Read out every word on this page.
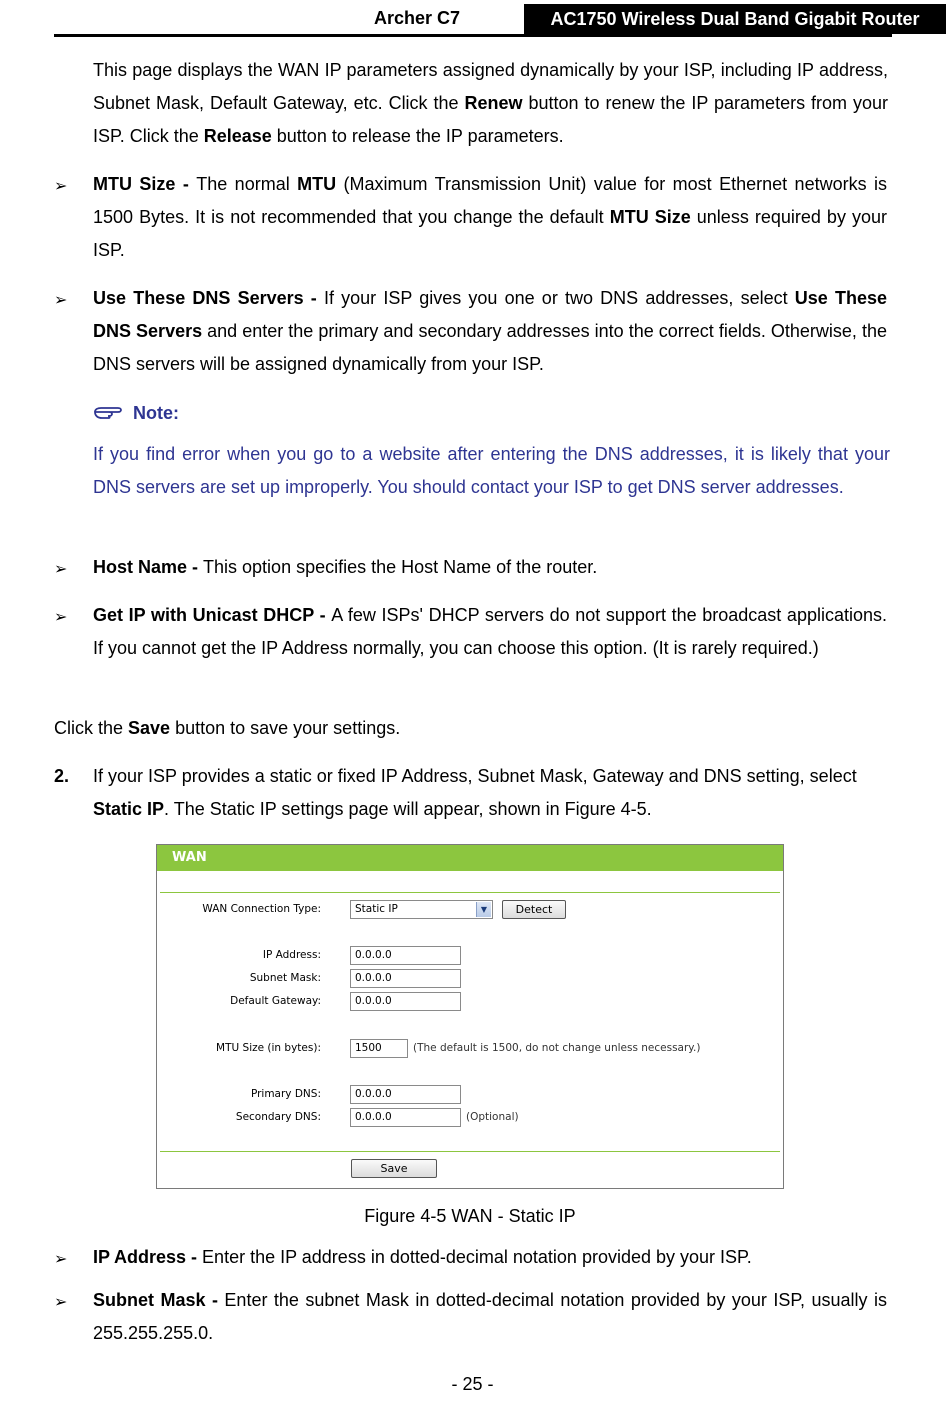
Archer C7	AC1750 Wireless Dual Band Gigabit Router
This page displays the WAN IP parameters assigned dynamically by your ISP, including IP address, Subnet Mask, Default Gateway, etc. Click the Renew button to renew the IP parameters from your ISP. Click the Release button to release the IP parameters.
➢ MTU Size - The normal MTU (Maximum Transmission Unit) value for most Ethernet networks is 1500 Bytes. It is not recommended that you change the default MTU Size unless required by your ISP.
➢ Use These DNS Servers - If your ISP gives you one or two DNS addresses, select Use These DNS Servers and enter the primary and secondary addresses into the correct fields. Otherwise, the DNS servers will be assigned dynamically from your ISP.
Note:
If you find error when you go to a website after entering the DNS addresses, it is likely that your DNS servers are set up improperly. You should contact your ISP to get DNS server addresses.
➢ Host Name - This option specifies the Host Name of the router.
➢ Get IP with Unicast DHCP - A few ISPs' DHCP servers do not support the broadcast applications. If you cannot get the IP Address normally, you can choose this option. (It is rarely required.)
Click the Save button to save your settings.
2.	If your ISP provides a static or fixed IP Address, Subnet Mask, Gateway and DNS setting, select Static IP. The Static IP settings page will appear, shown in Figure 4-5.
WAN
WAN Connection Type:	Static IP	▼	Detect
IP Address:	0.0.0.0
Subnet Mask:	0.0.0.0
Default Gateway:	0.0.0.0
MTU Size (in bytes):	1500	(The default is 1500, do not change unless necessary.)
Primary DNS:	0.0.0.0
Secondary DNS:	0.0.0.0	(Optional)
Save
Figure 4-5 WAN - Static IP
➢ IP Address - Enter the IP address in dotted-decimal notation provided by your ISP.
➢ Subnet Mask - Enter the subnet Mask in dotted-decimal notation provided by your ISP, usually is 255.255.255.0.
- 25 -
